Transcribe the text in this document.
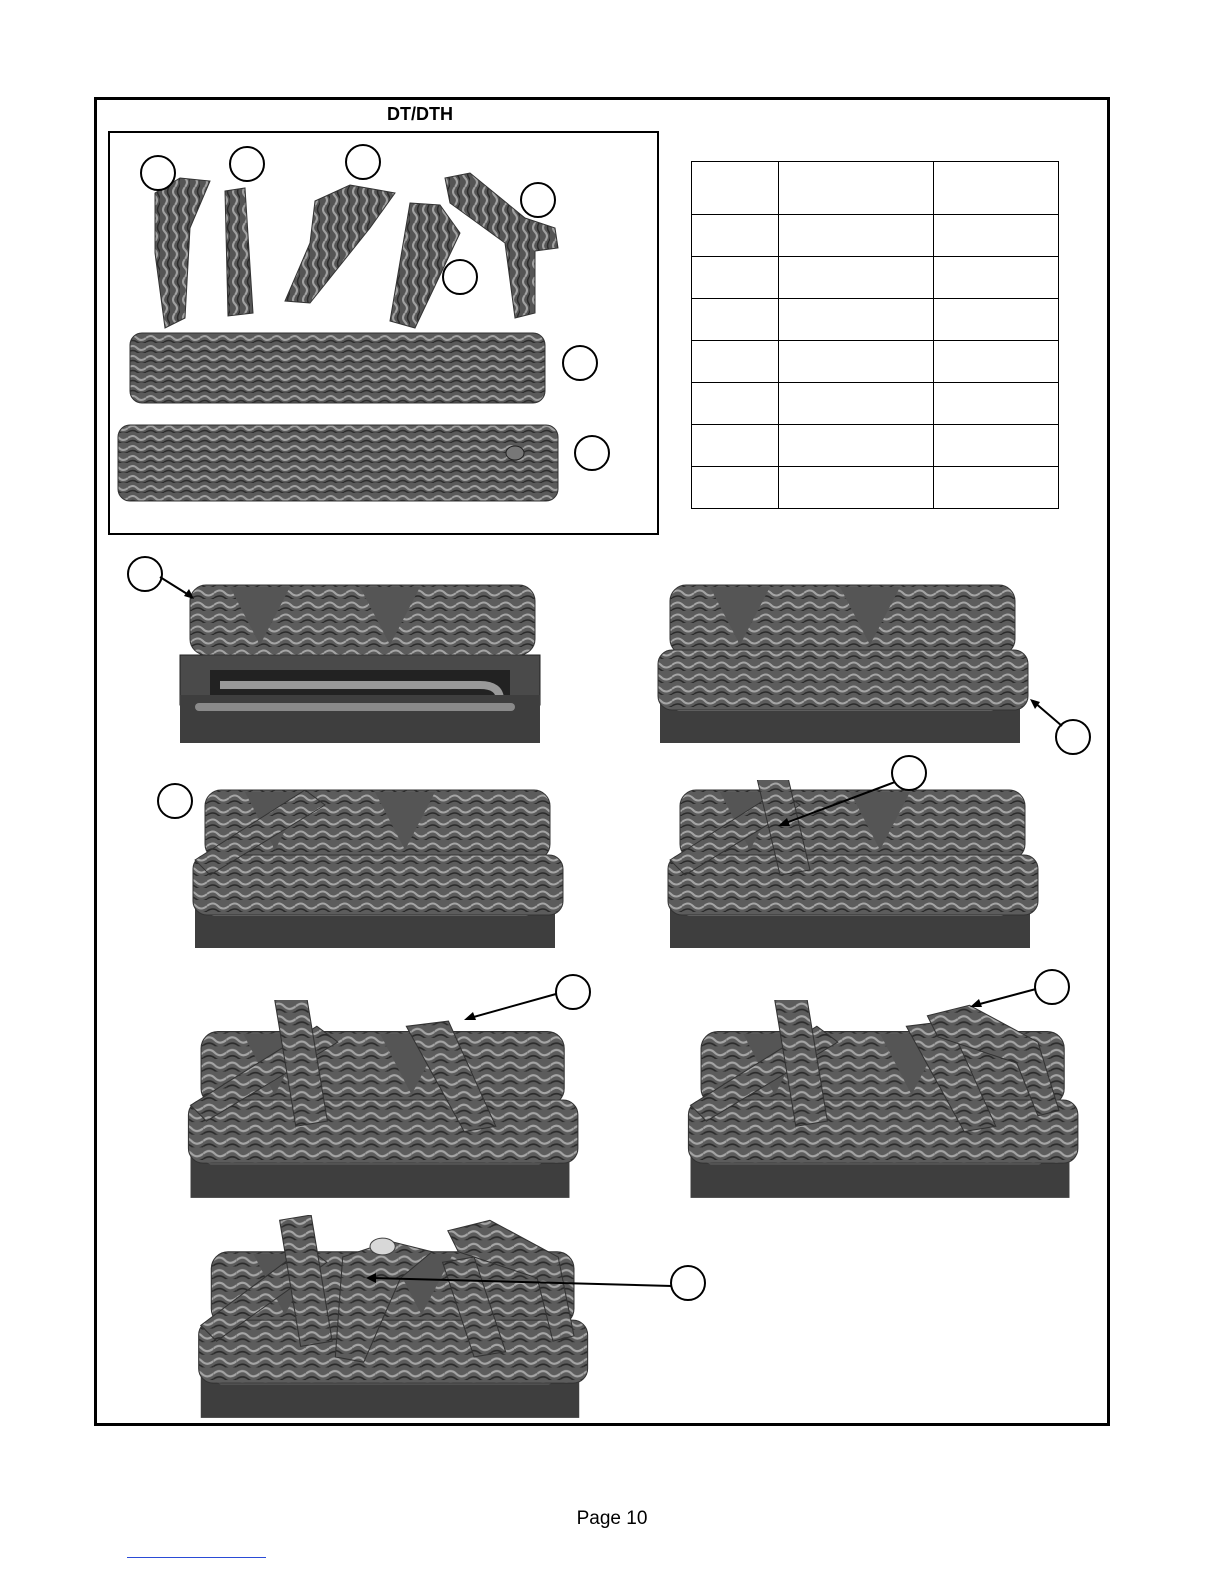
DT/DTH

Page 10
